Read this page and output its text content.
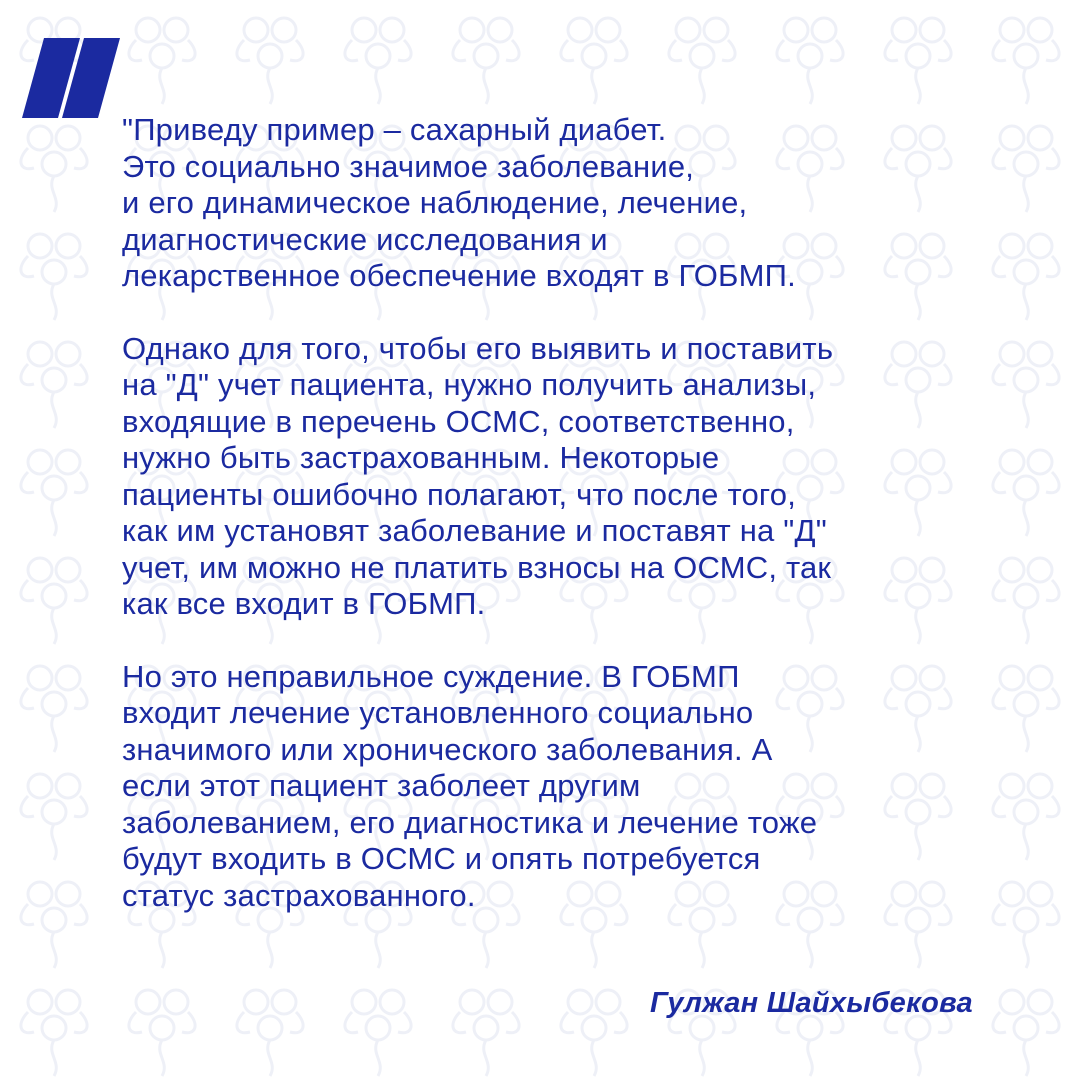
"Приведу пример – сахарный диабет.
Это социально значимое заболевание,
и его динамическое наблюдение, лечение,
диагностические исследования и
лекарственное обеспечение входят в ГОБМП.

Однако для того, чтобы его выявить и поставить
на "Д" учет пациента, нужно получить анализы,
входящие в перечень ОСМС, соответственно,
нужно быть застрахованным. Некоторые
пациенты ошибочно полагают, что после того,
как им установят заболевание и поставят на "Д"
учет, им можно не платить взносы на ОСМС, так
как все входит в ГОБМП.

Но это неправильное суждение. В ГОБМП
входит лечение установленного социально
значимого или хронического заболевания. А
если этот пациент заболеет другим
заболеванием, его диагностика и лечение тоже
будут входить в ОСМС и опять потребуется
статус застрахованного.

Гулжан Шайхыбекова
